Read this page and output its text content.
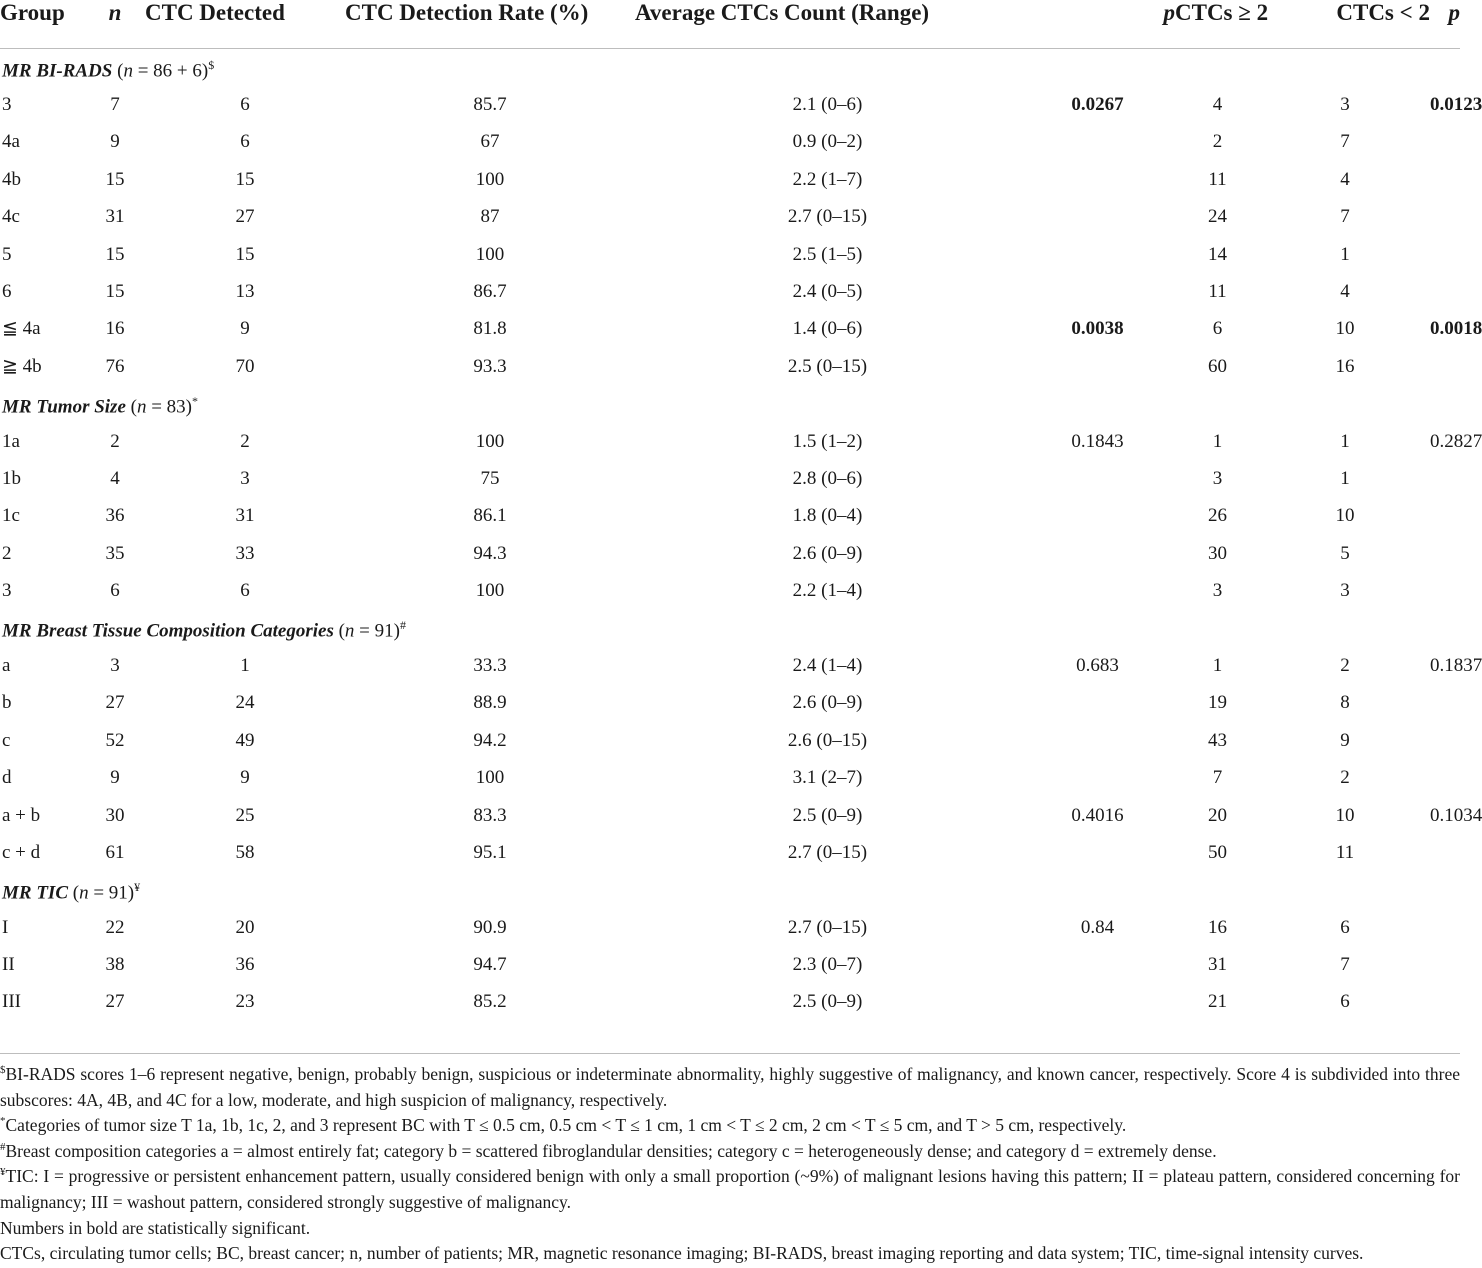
Group	n	CTC Detected	CTC Detection Rate (%)	Average CTCs Count (Range)	p	CTCs ≥ 2	CTCs < 2	p
MR BI-RADS (n = 86 + 6)$
3	7	6	85.7	2.1 (0–6)	0.0267	4	3	0.0123
4a	9	6	67	0.9 (0–2)		2	7	
4b	15	15	100	2.2 (1–7)		11	4	
4c	31	27	87	2.7 (0–15)		24	7	
5	15	15	100	2.5 (1–5)		14	1	
6	15	13	86.7	2.4 (0–5)		11	4	
≦ 4a	16	9	81.8	1.4 (0–6)	0.0038	6	10	0.0018
≧ 4b	76	70	93.3	2.5 (0–15)		60	16	
MR Tumor Size (n = 83)*
1a	2	2	100	1.5 (1–2)	0.1843	1	1	0.2827
1b	4	3	75	2.8 (0–6)		3	1	
1c	36	31	86.1	1.8 (0–4)		26	10	
2	35	33	94.3	2.6 (0–9)		30	5	
3	6	6	100	2.2 (1–4)		3	3	
MR Breast Tissue Composition Categories (n = 91)#
a	3	1	33.3	2.4 (1–4)	0.683	1	2	0.1837
b	27	24	88.9	2.6 (0–9)		19	8	
c	52	49	94.2	2.6 (0–15)		43	9	
d	9	9	100	3.1 (2–7)		7	2	
a + b	30	25	83.3	2.5 (0–9)	0.4016	20	10	0.1034
c + d	61	58	95.1	2.7 (0–15)		50	11	
MR TIC (n = 91)¥
I	22	20	90.9	2.7 (0–15)	0.84	16	6	
II	38	36	94.7	2.3 (0–7)		31	7	
III	27	23	85.2	2.5 (0–9)		21	6	

$BI-RADS scores 1–6 represent negative, benign, probably benign, suspicious or indeterminate abnormality, highly suggestive of malignancy, and known cancer, respectively. Score 4 is subdivided into three subscores: 4A, 4B, and 4C for a low, moderate, and high suspicion of malignancy, respectively.

*Categories of tumor size T 1a, 1b, 1c, 2, and 3 represent BC with T ≤ 0.5 cm, 0.5 cm < T ≤ 1 cm, 1 cm < T ≤ 2 cm, 2 cm < T ≤ 5 cm, and T > 5 cm, respectively.

#Breast composition categories a = almost entirely fat; category b = scattered fibroglandular densities; category c = heterogeneously dense; and category d = extremely dense.

¥TIC: I = progressive or persistent enhancement pattern, usually considered benign with only a small proportion (~9%) of malignant lesions having this pattern; II = plateau pattern, considered concerning for malignancy; III = washout pattern, considered strongly suggestive of malignancy.

Numbers in bold are statistically significant.

CTCs, circulating tumor cells; BC, breast cancer; n, number of patients; MR, magnetic resonance imaging; BI-RADS, breast imaging reporting and data system; TIC, time-signal intensity curves.
